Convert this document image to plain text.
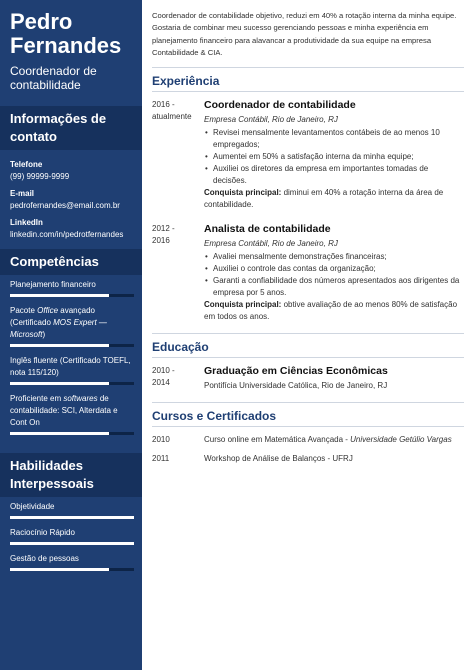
Pedro
Fernandes
Coordenador de contabilidade
Informações de contato
Telefone
(99) 99999-9999
E-mail
pedrofernandes@email.com.br
LinkedIn
linkedin.com/in/pedrotfernandes
Competências
Planejamento financeiro
Pacote Office avançado (Certificado MOS Expert — Microsoft)
Inglês fluente (Certificado TOEFL, nota 115/120)
Proficiente em softwares de contabilidade: SCI, Alterdata e Cont On
Habilidades Interpessoais
Objetividade
Raciocínio Rápido
Gestão de pessoas

Coordenador de contabilidade objetivo, reduzi em 40% a rotação interna da minha equipe. Gostaria de combinar meu sucesso gerenciando pessoas e minha experiência em planejamento financeiro para alavancar a produtividade da sua equipe na empresa Contabilidade & CIA.

Experiência
2016 -
atualmente
Coordenador de contabilidade
Empresa Contábil, Rio de Janeiro, RJ
• Revisei mensalmente levantamentos contábeis de ao menos 10 empregados;
• Aumentei em 50% a satisfação interna da minha equipe;
• Auxiliei os diretores da empresa em importantes tomadas de decisões.
Conquista principal: diminui em 40% a rotação interna da área de contabilidade.
2012 -
2016
Analista de contabilidade
Empresa Contábil, Rio de Janeiro, RJ
• Avaliei mensalmente demonstrações financeiras;
• Auxiliei o controle das contas da organização;
• Garanti a confiabilidade dos números apresentados aos dirigentes da empresa por 5 anos.
Conquista principal: obtive avaliação de ao menos 80% de satisfação em todos os anos.
Educação
2010 -
2014
Graduação em Ciências Econômicas
Pontifícia Universidade Católica, Rio de Janeiro, RJ
Cursos e Certificados
2010	Curso online em Matemática Avançada - Universidade Getúlio Vargas
2011	Workshop de Análise de Balanços - UFRJ
